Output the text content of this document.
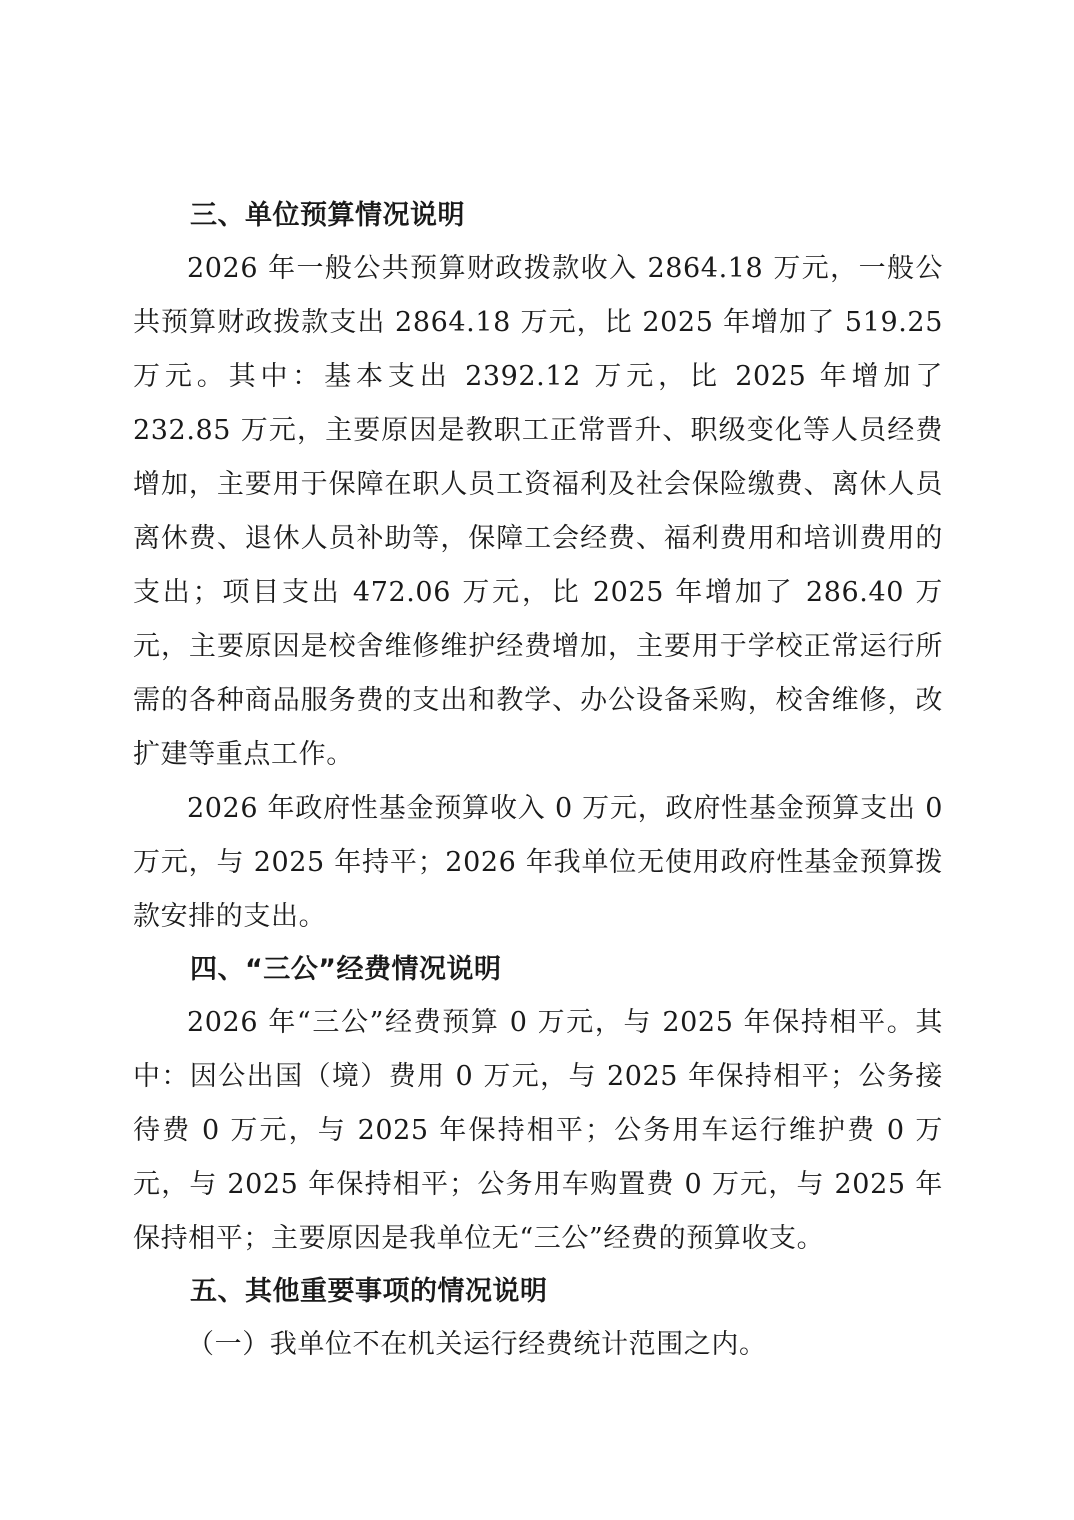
三、单位预算情况说明

2026 年一般公共预算财政拨款收入 2864.18 万元，一般公共预算财政拨款支出 2864.18 万元，比 2025 年增加了 519.25 万元。其中：基本支出 2392.12 万元，比 2025 年增加了 232.85 万元，主要原因是教职工正常晋升、职级变化等人员经费增加，主要用于保障在职人员工资福利及社会保险缴费、离休人员离休费、退休人员补助等，保障工会经费、福利费用和培训费用的支出；项目支出 472.06 万元，比 2025 年增加了 286.40 万元，主要原因是校舍维修维护经费增加，主要用于学校正常运行所需的各种商品服务费的支出和教学、办公设备采购，校舍维修，改扩建等重点工作。

2026 年政府性基金预算收入 0 万元，政府性基金预算支出 0 万元，与 2025 年持平；2026 年我单位无使用政府性基金预算拨款安排的支出。

四、“三公”经费情况说明

2026 年“三公”经费预算 0 万元，与 2025 年保持相平。其中：因公出国（境）费用 0 万元，与 2025 年保持相平；公务接待费 0 万元，与 2025 年保持相平；公务用车运行维护费 0 万元，与 2025 年保持相平；公务用车购置费 0 万元，与 2025 年保持相平；主要原因是我单位无“三公”经费的预算收支。

五、其他重要事项的情况说明

（一）我单位不在机关运行经费统计范围之内。
